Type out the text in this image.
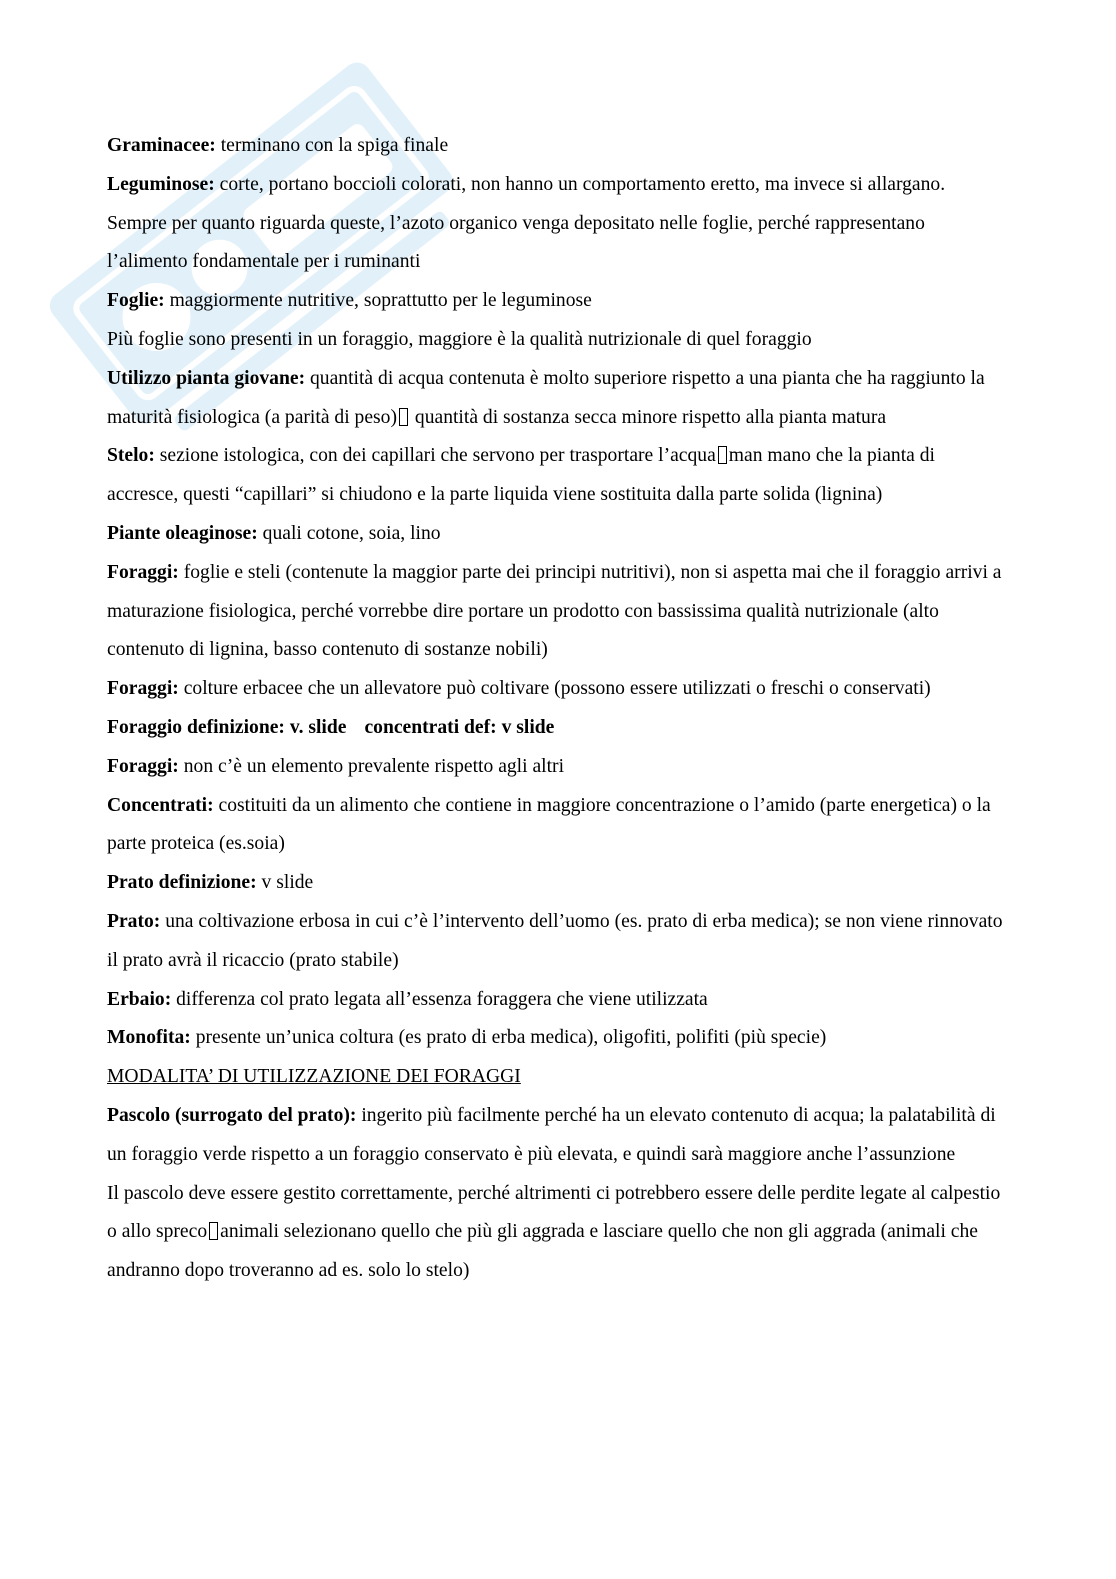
Graminacee: terminano con la spiga finale

Leguminose: corte, portano boccioli colorati, non hanno un comportamento eretto, ma invece si allargano. Sempre per quanto riguarda queste, l’azoto organico venga depositato nelle foglie, perché rappresentano l’alimento fondamentale per i ruminanti

Foglie: maggiormente nutritive, soprattutto per le leguminose

Più foglie sono presenti in un foraggio, maggiore è la qualità nutrizionale di quel foraggio

Utilizzo pianta giovane: quantità di acqua contenuta è molto superiore rispetto a una pianta che ha raggiunto la maturità fisiologica (a parità di peso) quantità di sostanza secca minore rispetto alla pianta matura

Stelo: sezione istologica, con dei capillari che servono per trasportare l’acqua man mano che la pianta di accresce, questi “capillari” si chiudono e la parte liquida viene sostituita dalla parte solida (lignina)

Piante oleaginose: quali cotone, soia, lino

Foraggi: foglie e steli (contenute la maggior parte dei principi nutritivi), non si aspetta mai che il foraggio arrivi a maturazione fisiologica, perché vorrebbe dire portare un prodotto con bassissima qualità nutrizionale (alto contenuto di lignina, basso contenuto di sostanze nobili)

Foraggi: colture erbacee che un allevatore può coltivare (possono essere utilizzati o freschi o conservati)

Foraggio definizione: v. slide concentrati def: v slide

Foraggi: non c’è un elemento prevalente rispetto agli altri

Concentrati: costituiti da un alimento che contiene in maggiore concentrazione o l’amido (parte energetica) o la parte proteica (es.soia)

Prato definizione: v slide

Prato: una coltivazione erbosa in cui c’è l’intervento dell’uomo (es. prato di erba medica); se non viene rinnovato il prato avrà il ricaccio (prato stabile)

Erbaio: differenza col prato legata all’essenza foraggera che viene utilizzata

Monofita: presente un’unica coltura (es prato di erba medica), oligofiti, polifiti (più specie)

MODALITA’ DI UTILIZZAZIONE DEI FORAGGI

Pascolo (surrogato del prato): ingerito più facilmente perché ha un elevato contenuto di acqua; la palatabilità di un foraggio verde rispetto a un foraggio conservato è più elevata, e quindi sarà maggiore anche l’assunzione

Il pascolo deve essere gestito correttamente, perché altrimenti ci potrebbero essere delle perdite legate al calpestio o allo spreco animali selezionano quello che più gli aggrada e lasciare quello che non gli aggrada (animali che andranno dopo troveranno ad es. solo lo stelo)
